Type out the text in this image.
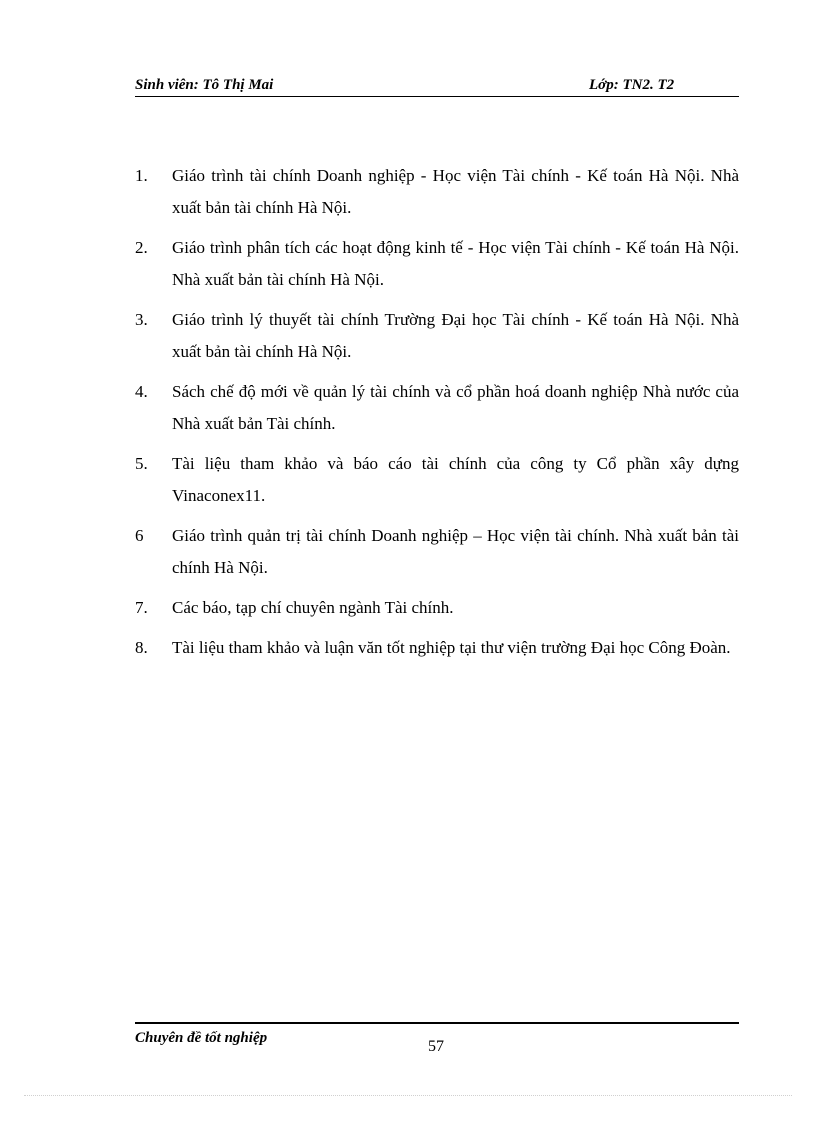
Sinh viên: Tô Thị Mai	Lớp: TN2. T2
1. Giáo trình tài chính Doanh nghiệp - Học viện Tài chính - Kế toán Hà Nội. Nhà xuất bản tài chính Hà Nội.
2. Giáo trình phân tích các hoạt động kinh tế - Học viện Tài chính - Kế toán Hà Nội. Nhà xuất bản tài chính Hà Nội.
3. Giáo trình lý thuyết tài chính Trường Đại học Tài chính - Kế toán Hà Nội. Nhà xuất bản tài chính Hà Nội.
4. Sách chế độ mới về quản lý tài chính và cổ phần hoá doanh nghiệp Nhà nước của Nhà xuất bản Tài chính.
5. Tài liệu tham khảo và báo cáo tài chính của công ty Cổ phần xây dựng Vinaconex11.
6 Giáo trình quản trị tài chính Doanh nghiệp – Học viện tài chính. Nhà xuất bản tài chính Hà Nội.
7. Các báo, tạp chí chuyên ngành Tài chính.
8. Tài liệu tham khảo và luận văn tốt nghiệp tại thư viện trường Đại học Công Đoàn.
Chuyên đề tốt nghiệp	57
